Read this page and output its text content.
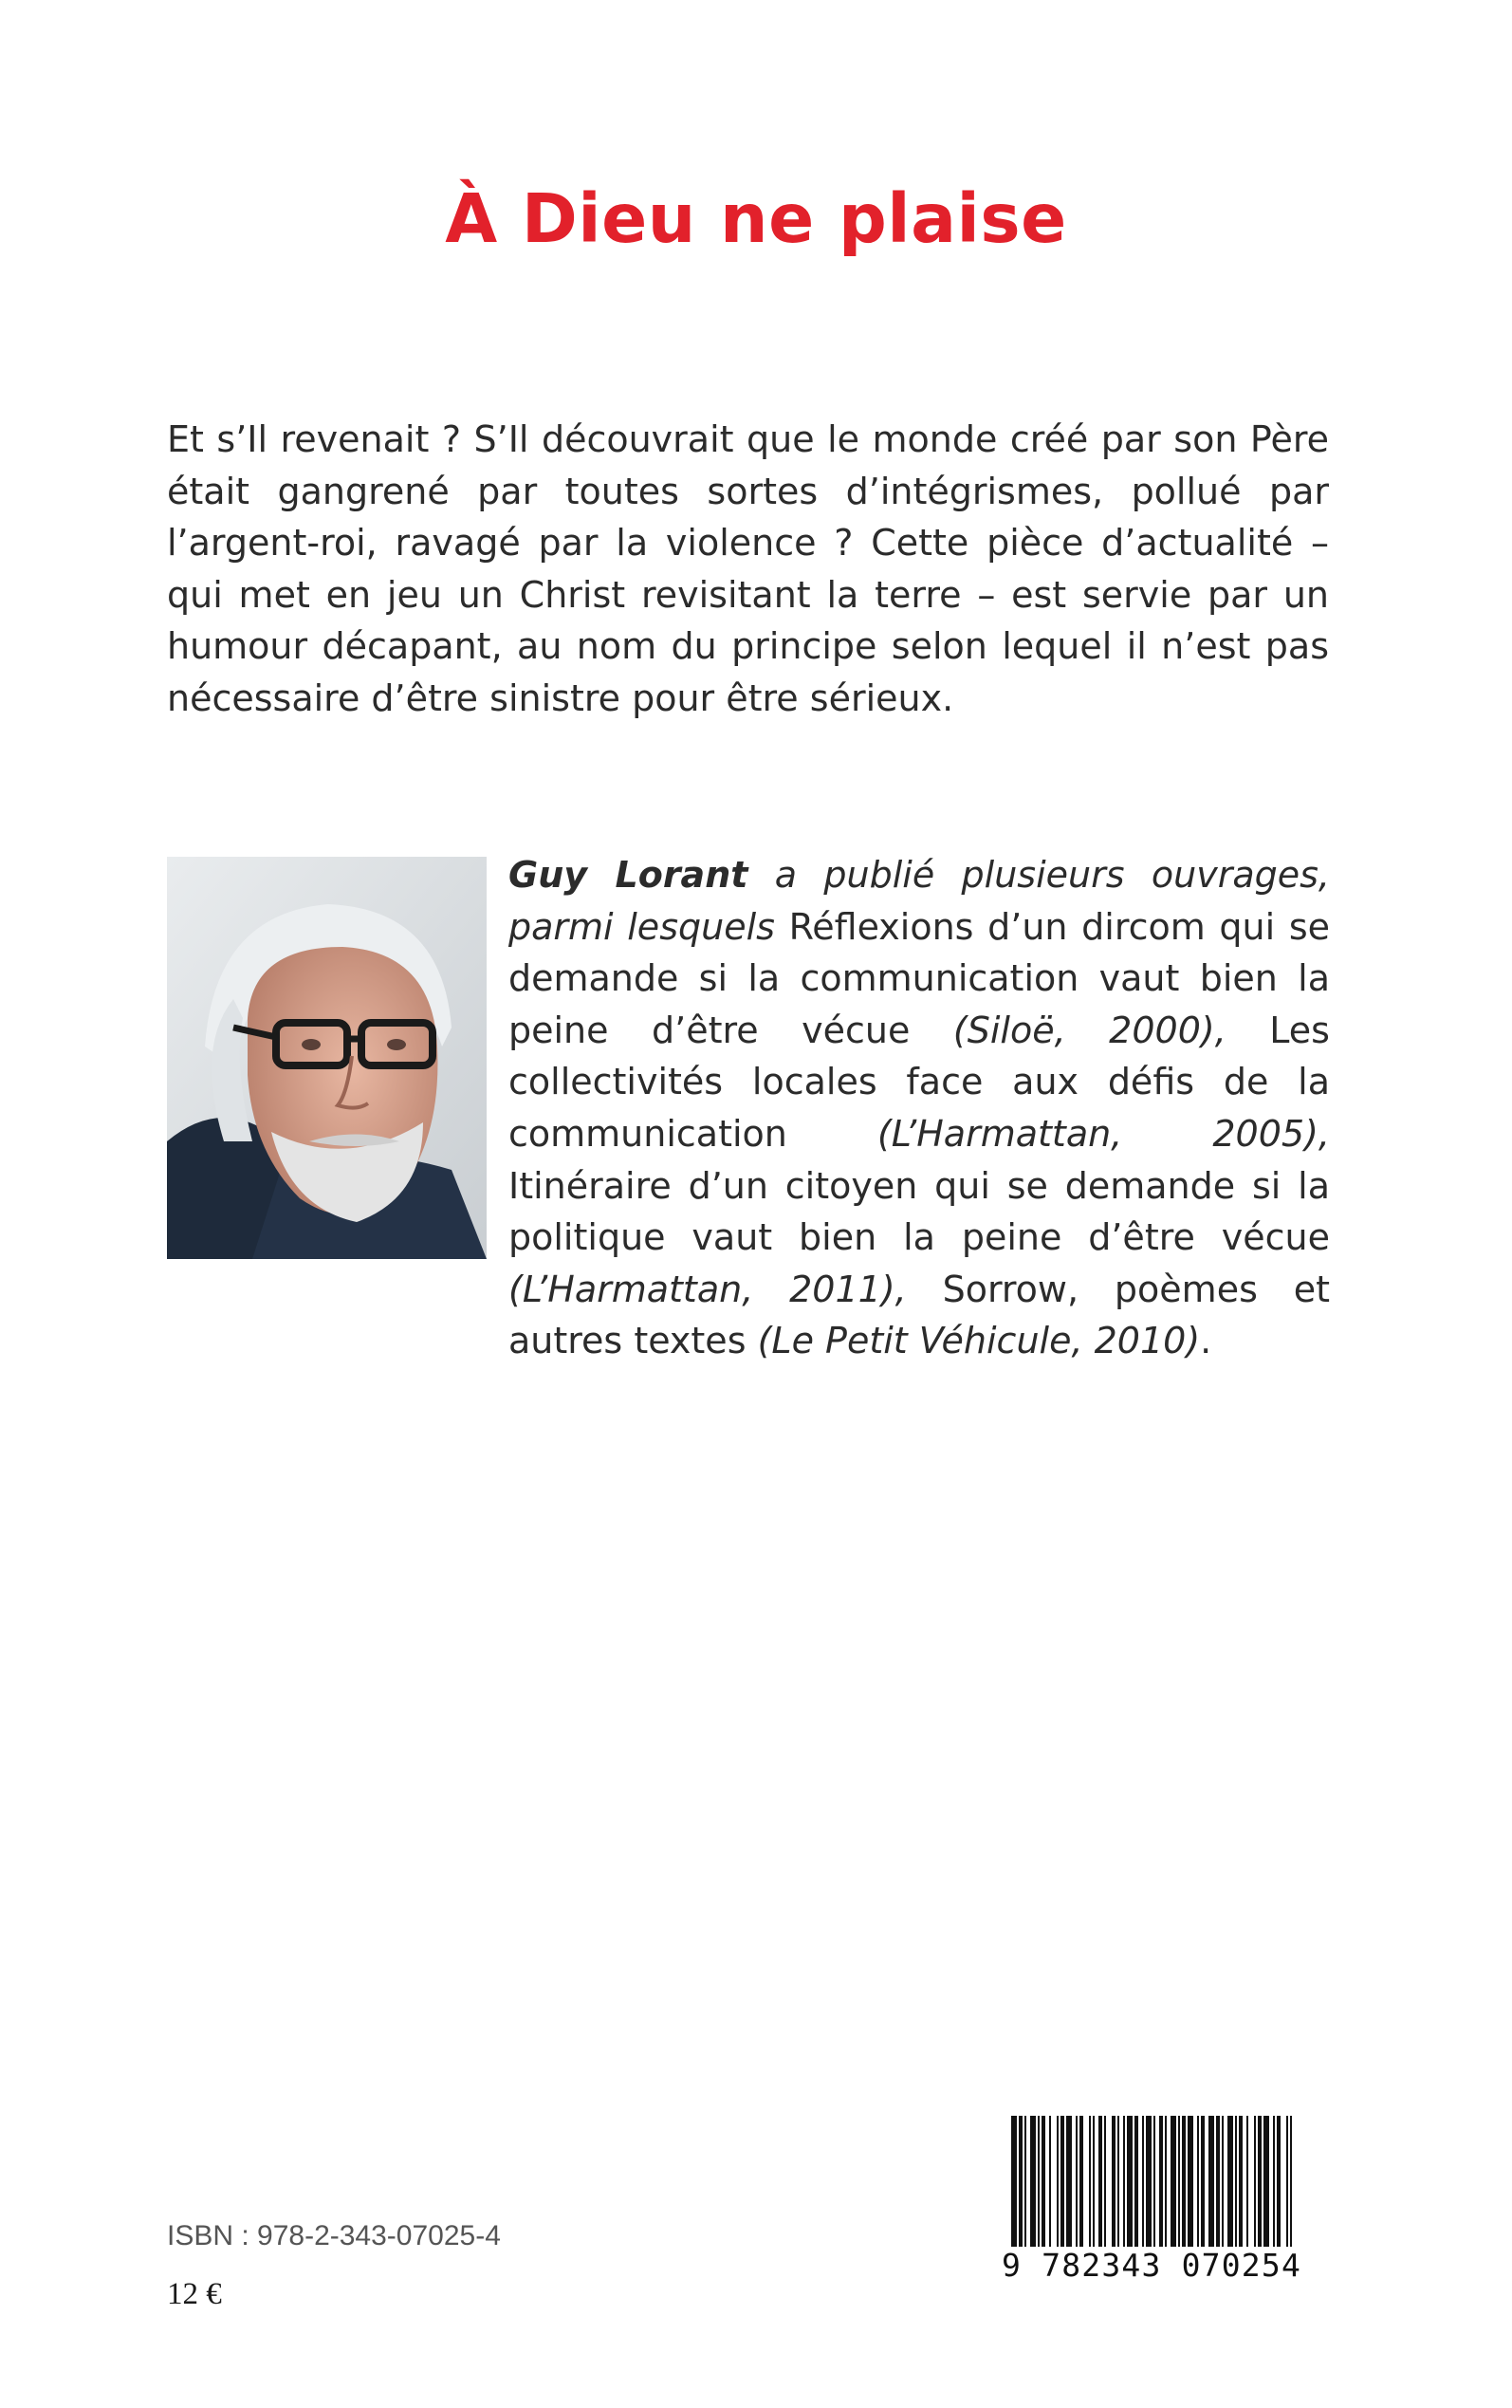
À Dieu ne plaise

Et s’Il revenait ? S’Il découvrait que le monde créé par son Père était gangrené par toutes sortes d’intégrismes, pollué par l’argent-roi, ravagé par la violence ? Cette pièce d’actualité – qui met en jeu un Christ revisitant la terre – est servie par un humour décapant, au nom du principe selon lequel il n’est pas nécessaire d’être sinistre pour être sérieux.

Guy Lorant a publié plusieurs ouvrages, parmi lesquels Réflexions d’un dircom qui se demande si la communication vaut bien la peine d’être vécue (Siloë, 2000), Les collectivités locales face aux défis de la communication (L’Harmattan, 2005), Itinéraire d’un citoyen qui se demande si la politique vaut bien la peine d’être vécue (L’Harmattan, 2011), Sorrow, poèmes et autres textes (Le Petit Véhicule, 2010).

9 782343 070254
ISBN : 978-2-343-07025-4
12 €
